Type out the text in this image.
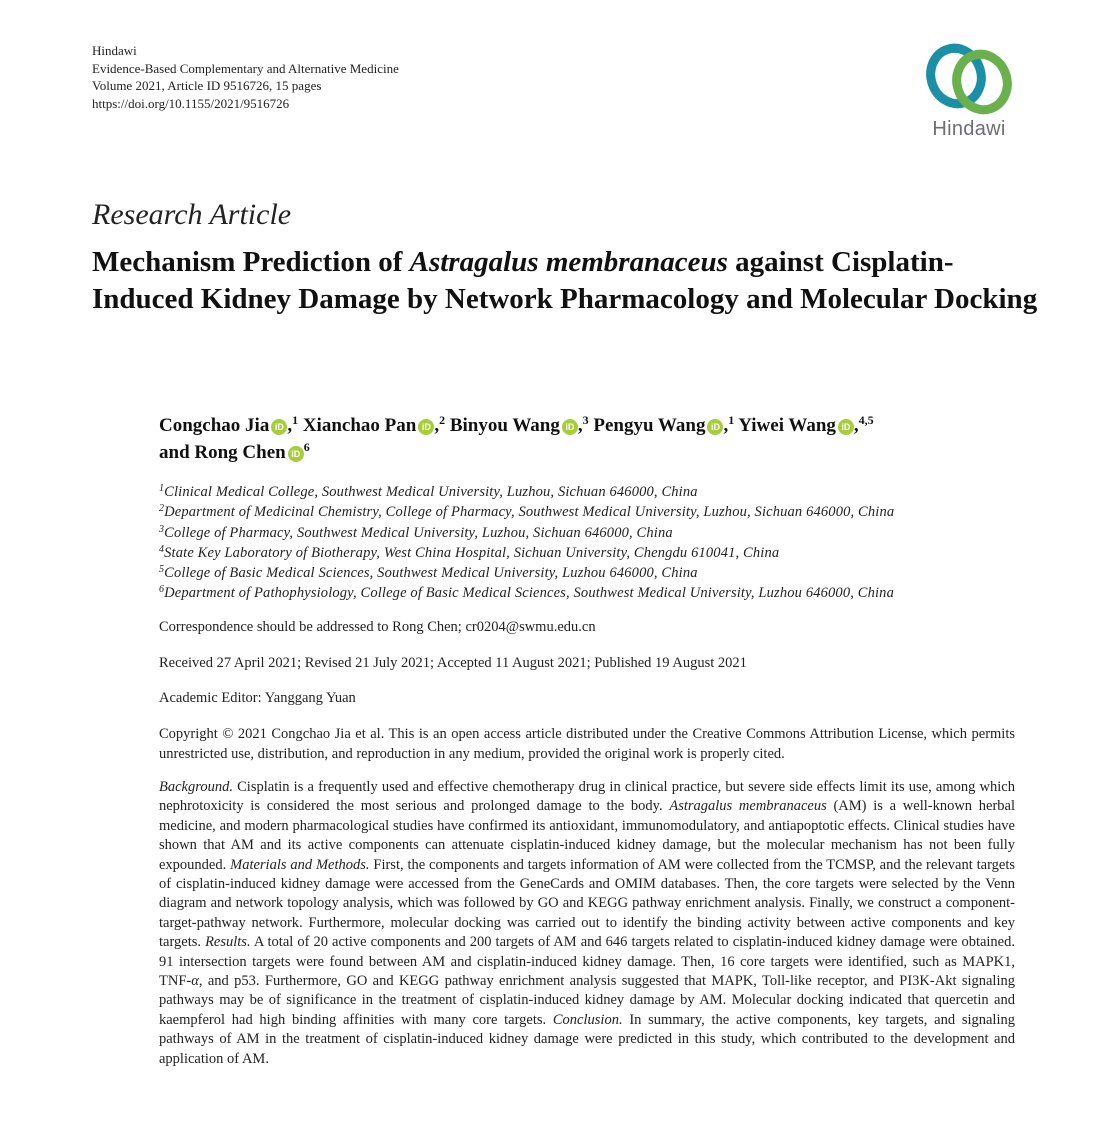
Hindawi
Evidence-Based Complementary and Alternative Medicine
Volume 2021, Article ID 9516726, 15 pages
https://doi.org/10.1155/2021/9516726
Hindawi
Research Article
Mechanism Prediction of Astragalus membranaceus against Cisplatin-Induced Kidney Damage by Network Pharmacology and Molecular Docking
Congchao Jia iD ,$^1$ Xianchao Pan iD ,$^2$ Binyou Wang iD ,$^3$ Pengyu Wang iD ,$^1$ Yiwei Wang iD ,$^{4,5}$
and Rong Chen iD $^6$
$^1$Clinical Medical College, Southwest Medical University, Luzhou, Sichuan 646000, China
$^2$Department of Medicinal Chemistry, College of Pharmacy, Southwest Medical University, Luzhou, Sichuan 646000, China
$^3$College of Pharmacy, Southwest Medical University, Luzhou, Sichuan 646000, China
$^4$State Key Laboratory of Biotherapy, West China Hospital, Sichuan University, Chengdu 610041, China
$^5$College of Basic Medical Sciences, Southwest Medical University, Luzhou 646000, China
$^6$Department of Pathophysiology, College of Basic Medical Sciences, Southwest Medical University, Luzhou 646000, China
Correspondence should be addressed to Rong Chen; cr0204@swmu.edu.cn
Received 27 April 2021; Revised 21 July 2021; Accepted 11 August 2021; Published 19 August 2021
Academic Editor: Yanggang Yuan
Copyright © 2021 Congchao Jia et al. This is an open access article distributed under the Creative Commons Attribution License, which permits unrestricted use, distribution, and reproduction in any medium, provided the original work is properly cited.
Background. Cisplatin is a frequently used and effective chemotherapy drug in clinical practice, but severe side effects limit its use, among which nephrotoxicity is considered the most serious and prolonged damage to the body. Astragalus membranaceus (AM) is a well-known herbal medicine, and modern pharmacological studies have confirmed its antioxidant, immunomodulatory, and antiapoptotic effects. Clinical studies have shown that AM and its active components can attenuate cisplatin-induced kidney damage, but the molecular mechanism has not been fully expounded. Materials and Methods. First, the components and targets information of AM were collected from the TCMSP, and the relevant targets of cisplatin-induced kidney damage were accessed from the GeneCards and OMIM databases. Then, the core targets were selected by the Venn diagram and network topology analysis, which was followed by GO and KEGG pathway enrichment analysis. Finally, we construct a component-target-pathway network. Furthermore, molecular docking was carried out to identify the binding activity between active components and key targets. Results. A total of 20 active components and 200 targets of AM and 646 targets related to cisplatin-induced kidney damage were obtained. 91 intersection targets were found between AM and cisplatin-induced kidney damage. Then, 16 core targets were identified, such as MAPK1, TNF-α, and p53. Furthermore, GO and KEGG pathway enrichment analysis suggested that MAPK, Toll-like receptor, and PI3K-Akt signaling pathways may be of significance in the treatment of cisplatin-induced kidney damage by AM. Molecular docking indicated that quercetin and kaempferol had high binding affinities with many core targets. Conclusion. In summary, the active components, key targets, and signaling pathways of AM in the treatment of cisplatin-induced kidney damage were predicted in this study, which contributed to the development and application of AM.
